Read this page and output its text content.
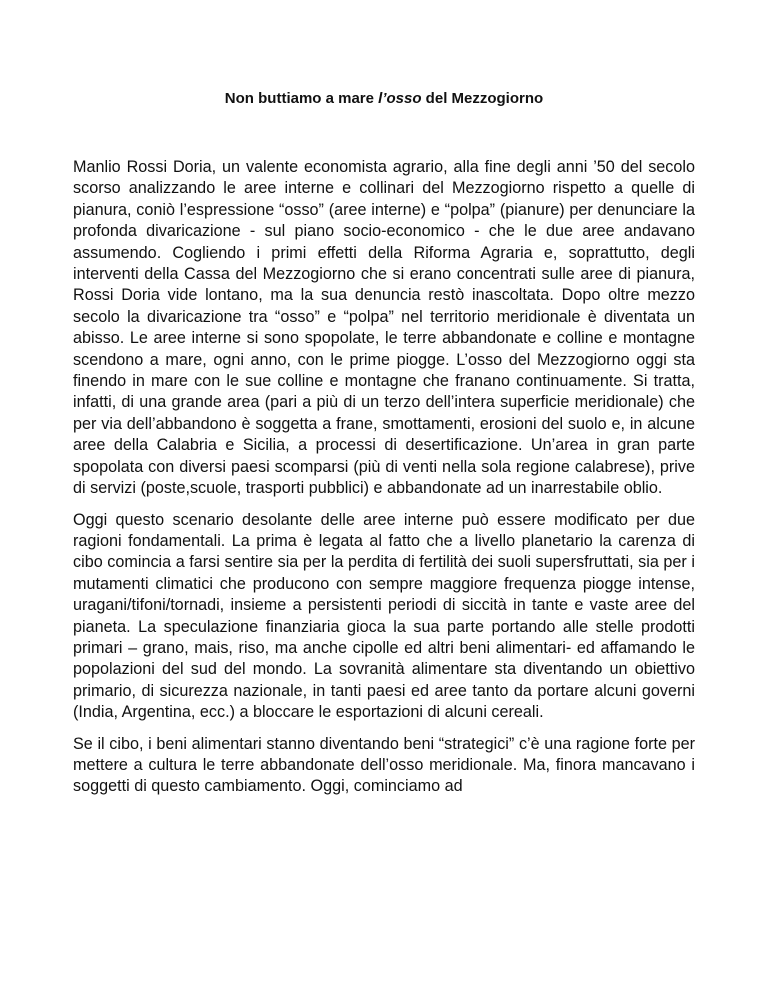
Non buttiamo a mare l’osso del Mezzogiorno

Manlio Rossi Doria, un valente economista agrario, alla fine degli anni ’50 del secolo scorso analizzando le aree interne e collinari del Mezzogiorno rispetto a quelle di pianura, coniò l’espressione “osso” (aree interne) e “polpa” (pianure) per denunciare la profonda divaricazione - sul piano socio-economico - che le due aree andavano assumendo. Cogliendo i primi effetti della Riforma Agraria e, soprattutto, degli interventi della Cassa del Mezzogiorno che si erano concentrati sulle aree di pianura, Rossi Doria vide lontano, ma la sua denuncia restò inascoltata. Dopo oltre mezzo secolo la divaricazione tra “osso” e “polpa” nel territorio meridionale è diventata un abisso. Le aree interne si sono spopolate, le terre abbandonate e colline e montagne scendono a mare, ogni anno, con le prime piogge. L’osso del Mezzogiorno oggi sta finendo in mare con le sue colline e montagne che franano continuamente. Si tratta, infatti, di una grande area (pari a più di un terzo dell’intera superficie meridionale) che per via dell’abbandono è soggetta a frane, smottamenti, erosioni del suolo e, in alcune aree della Calabria e Sicilia, a processi di desertificazione. Un’area in gran parte spopolata con diversi paesi scomparsi (più di venti nella sola regione calabrese), prive di servizi (poste,scuole, trasporti pubblici) e abbandonate ad un inarrestabile oblio.

Oggi questo scenario desolante delle aree interne può essere modificato per due ragioni fondamentali. La prima è legata al fatto che a livello planetario la carenza di cibo comincia a farsi sentire sia per la perdita di fertilità dei suoli supersfruttati, sia per i mutamenti climatici che producono con sempre maggiore frequenza piogge intense, uragani/tifoni/tornadi, insieme a persistenti periodi di siccità in tante e vaste aree del pianeta. La speculazione finanziaria gioca la sua parte portando alle stelle prodotti primari – grano, mais, riso, ma anche cipolle ed altri beni alimentari- ed affamando le popolazioni del sud del mondo. La sovranità alimentare sta diventando un obiettivo primario, di sicurezza nazionale, in tanti paesi ed aree tanto da portare alcuni governi (India, Argentina, ecc.) a bloccare le esportazioni di alcuni cereali.

Se il cibo, i beni alimentari stanno diventando beni “strategici” c’è una ragione forte per mettere a cultura le terre abbandonate dell’osso meridionale. Ma, finora mancavano i soggetti di questo cambiamento. Oggi, cominciamo ad
